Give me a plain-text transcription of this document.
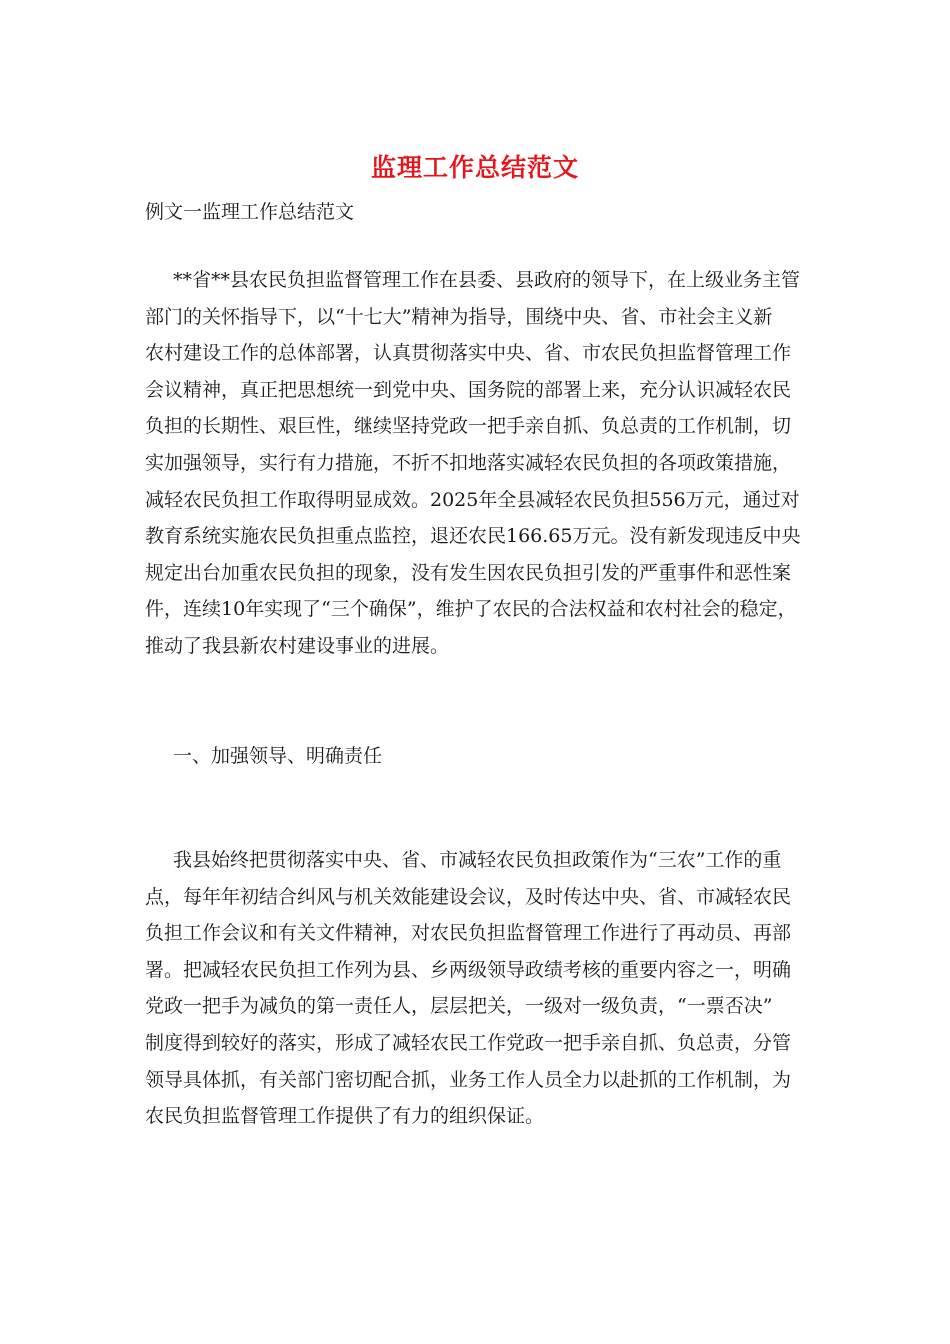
监理工作总结范文
例文一监理工作总结范文
**省**县农民负担监督管理工作在县委、县政府的领导下，在上级业务主管
部门的关怀指导下，以“十七大”精神为指导，围绕中央、省、市社会主义新
农村建设工作的总体部署，认真贯彻落实中央、省、市农民负担监督管理工作
会议精神，真正把思想统一到党中央、国务院的部署上来，充分认识减轻农民
负担的长期性、艰巨性，继续坚持党政一把手亲自抓、负总责的工作机制，切
实加强领导，实行有力措施，不折不扣地落实减轻农民负担的各项政策措施，
减轻农民负担工作取得明显成效。2025年全县减轻农民负担556万元，通过对
教育系统实施农民负担重点监控，退还农民166.65万元。没有新发现违反中央
规定出台加重农民负担的现象，没有发生因农民负担引发的严重事件和恶性案
件，连续10年实现了“三个确保”，维护了农民的合法权益和农村社会的稳定，
推动了我县新农村建设事业的进展。
一、加强领导、明确责任
我县始终把贯彻落实中央、省、市减轻农民负担政策作为“三农”工作的重
点，每年年初结合纠风与机关效能建设会议，及时传达中央、省、市减轻农民
负担工作会议和有关文件精神，对农民负担监督管理工作进行了再动员、再部
署。把减轻农民负担工作列为县、乡两级领导政绩考核的重要内容之一，明确
党政一把手为减负的第一责任人，层层把关，一级对一级负责，“一票否决”
制度得到较好的落实，形成了减轻农民工作党政一把手亲自抓、负总责，分管
领导具体抓，有关部门密切配合抓，业务工作人员全力以赴抓的工作机制，为
农民负担监督管理工作提供了有力的组织保证。
